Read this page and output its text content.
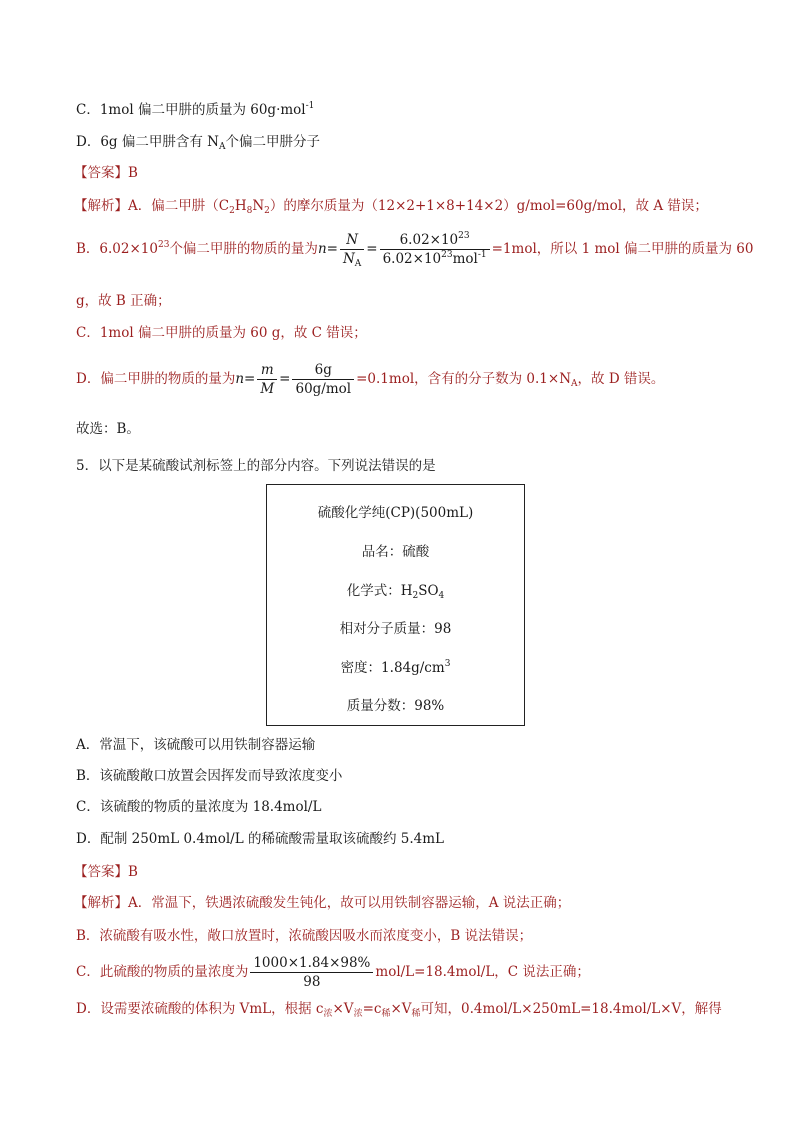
C．1mol 偏二甲肼的质量为 60g·mol$^{-1}$
D．6g 偏二甲肼含有 $N_A$个偏二甲肼分子
【答案】B
【解析】A．偏二甲肼$(C_2H_8N_2)$的摩尔质量为（12×2+1×8+14×2）g/mol=60g/mol，故 A 错误；
B．$6.02\times 10^{23}$个偏二甲肼的物质的量为$n= \frac{N}{N_A} = \frac{6.02\times 10^{23}}{6.02\times 10^{23}mol^{-1}} =1mol$，所以 1 mol 偏二甲肼的质量为 60
g，故 B 正确；
C．1mol 偏二甲肼的质量为 60 g，故 C 错误；
D．偏二甲肼的物质的量为$n= \frac{m}{M} = \frac{6g}{\text{60g/mol}} =0.1mol$，含有的分子数为 $0.1\times N_A$，故 D 错误。
故选：B。
5．以下是某硫酸试剂标签上的部分内容。下列说法错误的是
硫酸化学纯(CP)(500mL)
品名：硫酸
化学式：$H_2SO_4$
相对分子质量：98
密度：$1.84g/cm^3$
质量分数：98%
A．常温下，该硫酸可以用铁制容器运输
B．该硫酸敞口放置会因挥发而导致浓度变小
C．该硫酸的物质的量浓度为 18.4mol/L
D．配制 250mL 0.4mol/L 的稀硫酸需量取该硫酸约 5.4mL
【答案】B
【解析】A．常温下，铁遇浓硫酸发生钝化，故可以用铁制容器运输，A 说法正确；
B．浓硫酸有吸水性，敞口放置时，浓硫酸因吸水而浓度变小，B 说法错误；
C．此硫酸的物质的量浓度为 $\frac{1000\times 1.84\times 98\%}{98} mol/L=18.4mol/L$，C 说法正确；
D．设需要浓硫酸的体积为 VmL，根据 $c_浓\times V_浓=c_稀\times V_稀$可知，0.4mol/L×250mL=18.4mol/L×V，解得
